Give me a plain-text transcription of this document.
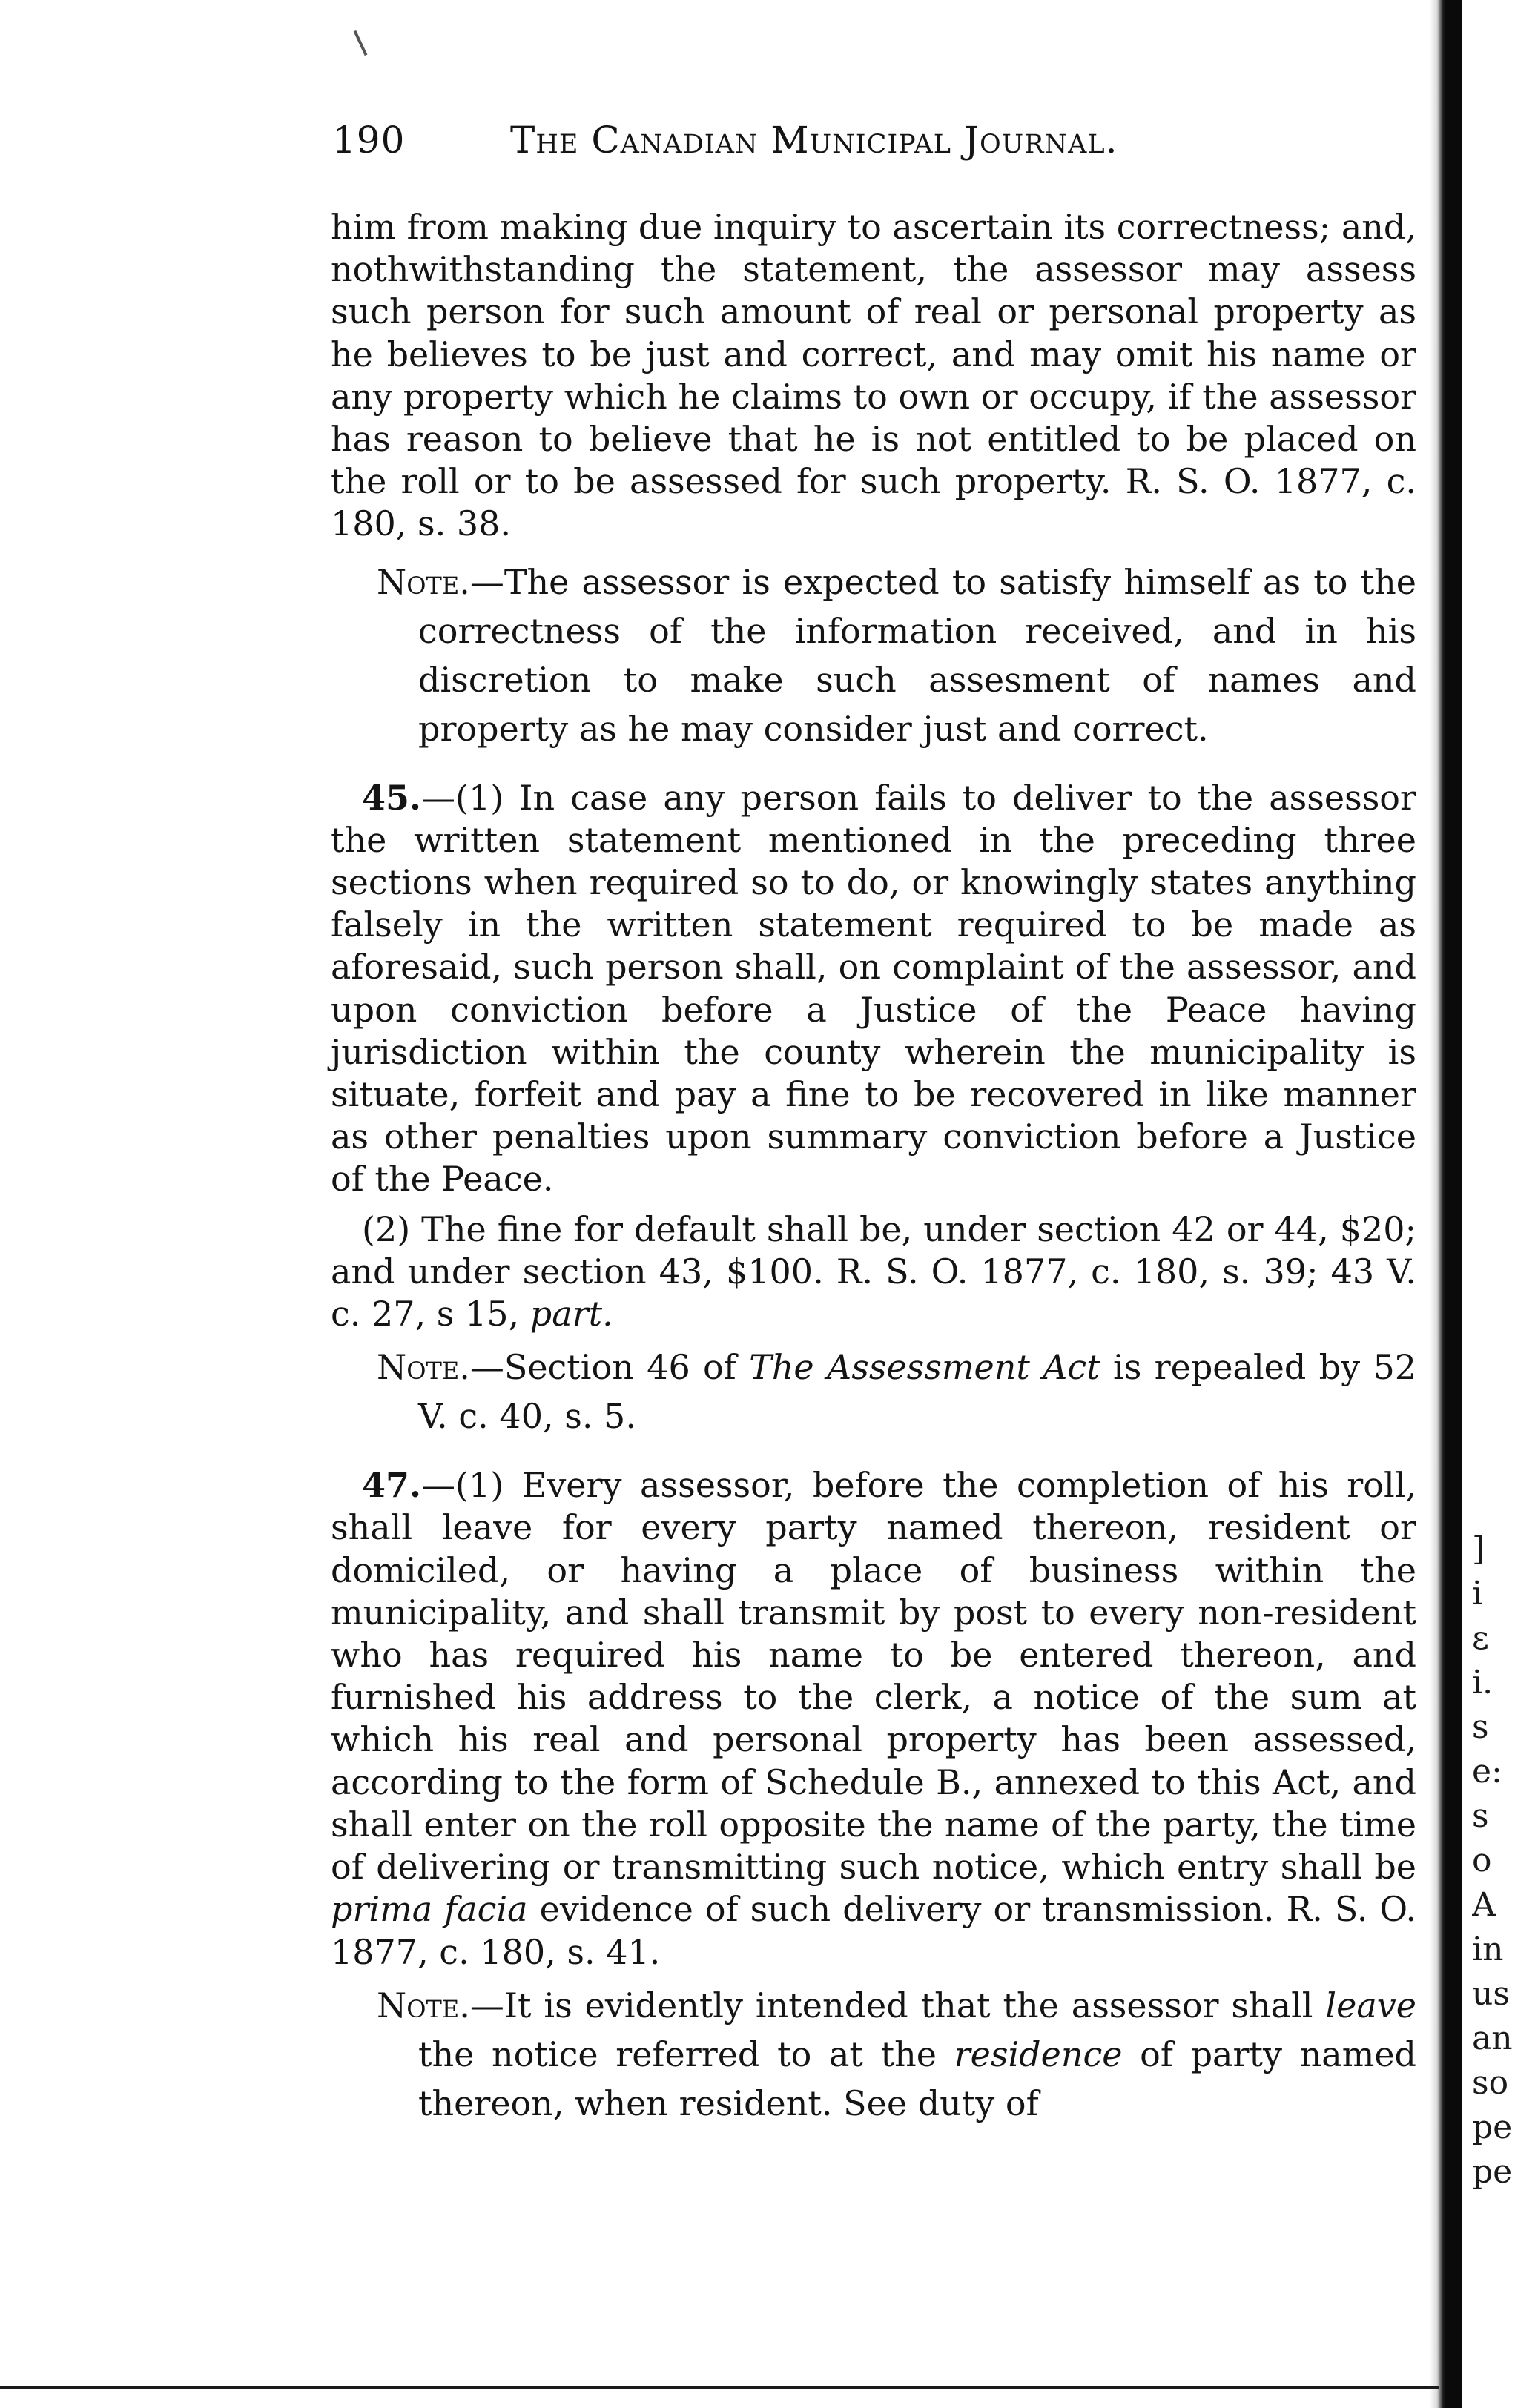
190	The Canadian Municipal Journal.

him from making due inquiry to ascertain its correctness; and, nothwithstanding the statement, the assessor may assess such person for such amount of real or personal property as he believes to be just and correct, and may omit his name or any property which he claims to own or occupy, if the assessor has reason to believe that he is not entitled to be placed on the roll or to be assessed for such property. R. S. O. 1877, c. 180, s. 38.

Note.—The assessor is expected to satisfy himself as to the correctness of the information received, and in his discretion to make such assesment of names and property as he may consider just and correct.

45.—(1) In case any person fails to deliver to the assessor the written statement mentioned in the preceding three sections when required so to do, or knowingly states anything falsely in the written statement required to be made as aforesaid, such person shall, on complaint of the assessor, and upon conviction before a Justice of the Peace having jurisdiction within the county wherein the municipality is situate, forfeit and pay a fine to be recovered in like manner as other penalties upon summary conviction before a Justice of the Peace.

(2) The fine for default shall be, under section 42 or 44, $20; and under section 43, $100. R. S. O. 1877, c. 180, s. 39; 43 V. c. 27, s 15, part.

Note.—Section 46 of The Assessment Act is repealed by 52 V. c. 40, s. 5.

47.—(1) Every assessor, before the completion of his roll, shall leave for every party named thereon, resident or domiciled, or having a place of business within the municipality, and shall transmit by post to every non-resident who has required his name to be entered thereon, and furnished his address to the clerk, a notice of the sum at which his real and personal property has been assessed, according to the form of Schedule B., annexed to this Act, and shall enter on the roll opposite the name of the party, the time of delivering or transmitting such notice, which entry shall be prima facia evidence of such delivery or transmission. R. S. O. 1877, c. 180, s. 41.

Note.—It is evidently intended that the assessor shall leave the notice referred to at the residence of party named thereon, when resident. See duty of

]
i
ε
i.
s
e:
s
o
A
in
us
an
so
pe
pe
